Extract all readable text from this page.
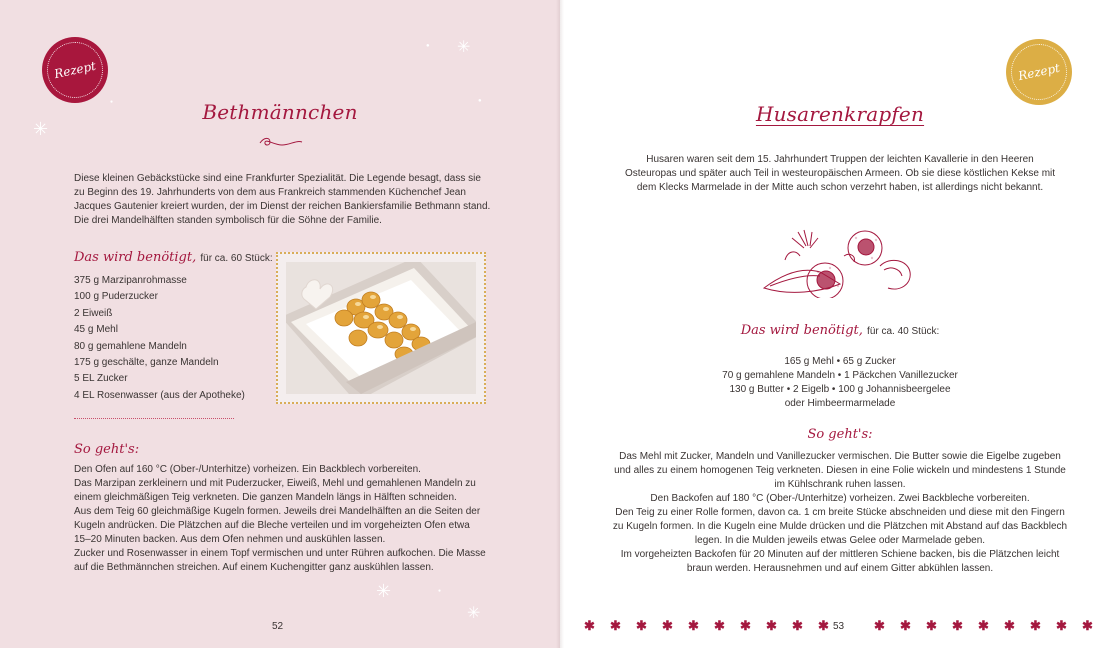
Rezept
✳
✳
●
●
✳
✳
●
●	Bethmännchen

Diese kleinen Gebäckstücke sind eine Frankfurter Spezialität. Die Legende besagt, dass sie zu Beginn des 19. Jahrhunderts von dem aus Frankreich stammenden Küchenchef Jean Jacques Gautenier kreiert wurden, der im Dienst der reichen Bankiersfamilie Bethmann stand. Die drei Mandelhälften standen symbolisch für die Söhne der Familie.

Das wird benötigt, für ca. 60 Stück:
375 g Marzipanrohmasse
100 g Puderzucker
2 Eiweiß
45 g Mehl
80 g gemahlene Mandeln
175 g geschälte, ganze Mandeln
5 EL Zucker
4 EL Rosenwasser (aus der Apotheke)
So geht's:
Den Ofen auf 160 °C (Ober-/Unterhitze) vorheizen. Ein Backblech vorbereiten.
Das Marzipan zerkleinern und mit Puderzucker, Eiweiß, Mehl und gemahlenen Mandeln zu einem gleichmäßigen Teig verkneten. Die ganzen Mandeln längs in Hälften schneiden.
Aus dem Teig 60 gleichmäßige Kugeln formen. Jeweils drei Mandelhälften an die Seiten der Kugeln andrücken. Die Plätzchen auf die Bleche verteilen und im vorgeheizten Ofen etwa 15–20 Minuten backen. Aus dem Ofen nehmen und auskühlen lassen.
Zucker und Rosenwasser in einem Topf vermischen und unter Rühren aufkochen. Die Masse auf die Bethmännchen streichen. Auf einem Kuchengitter ganz auskühlen lassen.
52
Rezept
Husarenkrapfen

Husaren waren seit dem 15. Jahrhundert Truppen der leichten Kavallerie in den Heeren Osteuropas und später auch Teil in westeuropäischen Armeen. Ob sie diese köstlichen Kekse mit dem Klecks Marmelade in der Mitte auch schon verzehrt haben, ist allerdings nicht bekannt.

Das wird benötigt, für ca. 40 Stück:
165 g Mehl • 65 g Zucker
70 g gemahlene Mandeln • 1 Päckchen Vanillezucker
130 g Butter • 2 Eigelb • 100 g Johannisbeergelee
oder Himbeermarmelade
So geht's:
Das Mehl mit Zucker, Mandeln und Vanillezucker vermischen. Die Butter sowie die Eigelbe zugeben und alles zu einem homogenen Teig verkneten. Diesen in eine Folie wickeln und mindestens 1 Stunde im Kühlschrank ruhen lassen.
Den Backofen auf 180 °C (Ober-/Unterhitze) vorheizen. Zwei Backbleche vorbereiten.
Den Teig zu einer Rolle formen, davon ca. 1 cm breite Stücke abschneiden und diese mit den Fingern zu Kugeln formen. In die Kugeln eine Mulde drücken und die Plätzchen mit Abstand auf das Backblech legen. In die Mulden jeweils etwas Gelee oder Marmelade geben.
Im vorgeheizten Backofen für 20 Minuten auf der mittleren Schiene backen, bis die Plätzchen leicht braun werden. Herausnehmen und auf einem Gitter abkühlen lassen.
✱ ✱ ✱ ✱ ✱ ✱ ✱ ✱ ✱ ✱	✱ ✱ ✱ ✱ ✱ ✱ ✱ ✱ ✱
53
